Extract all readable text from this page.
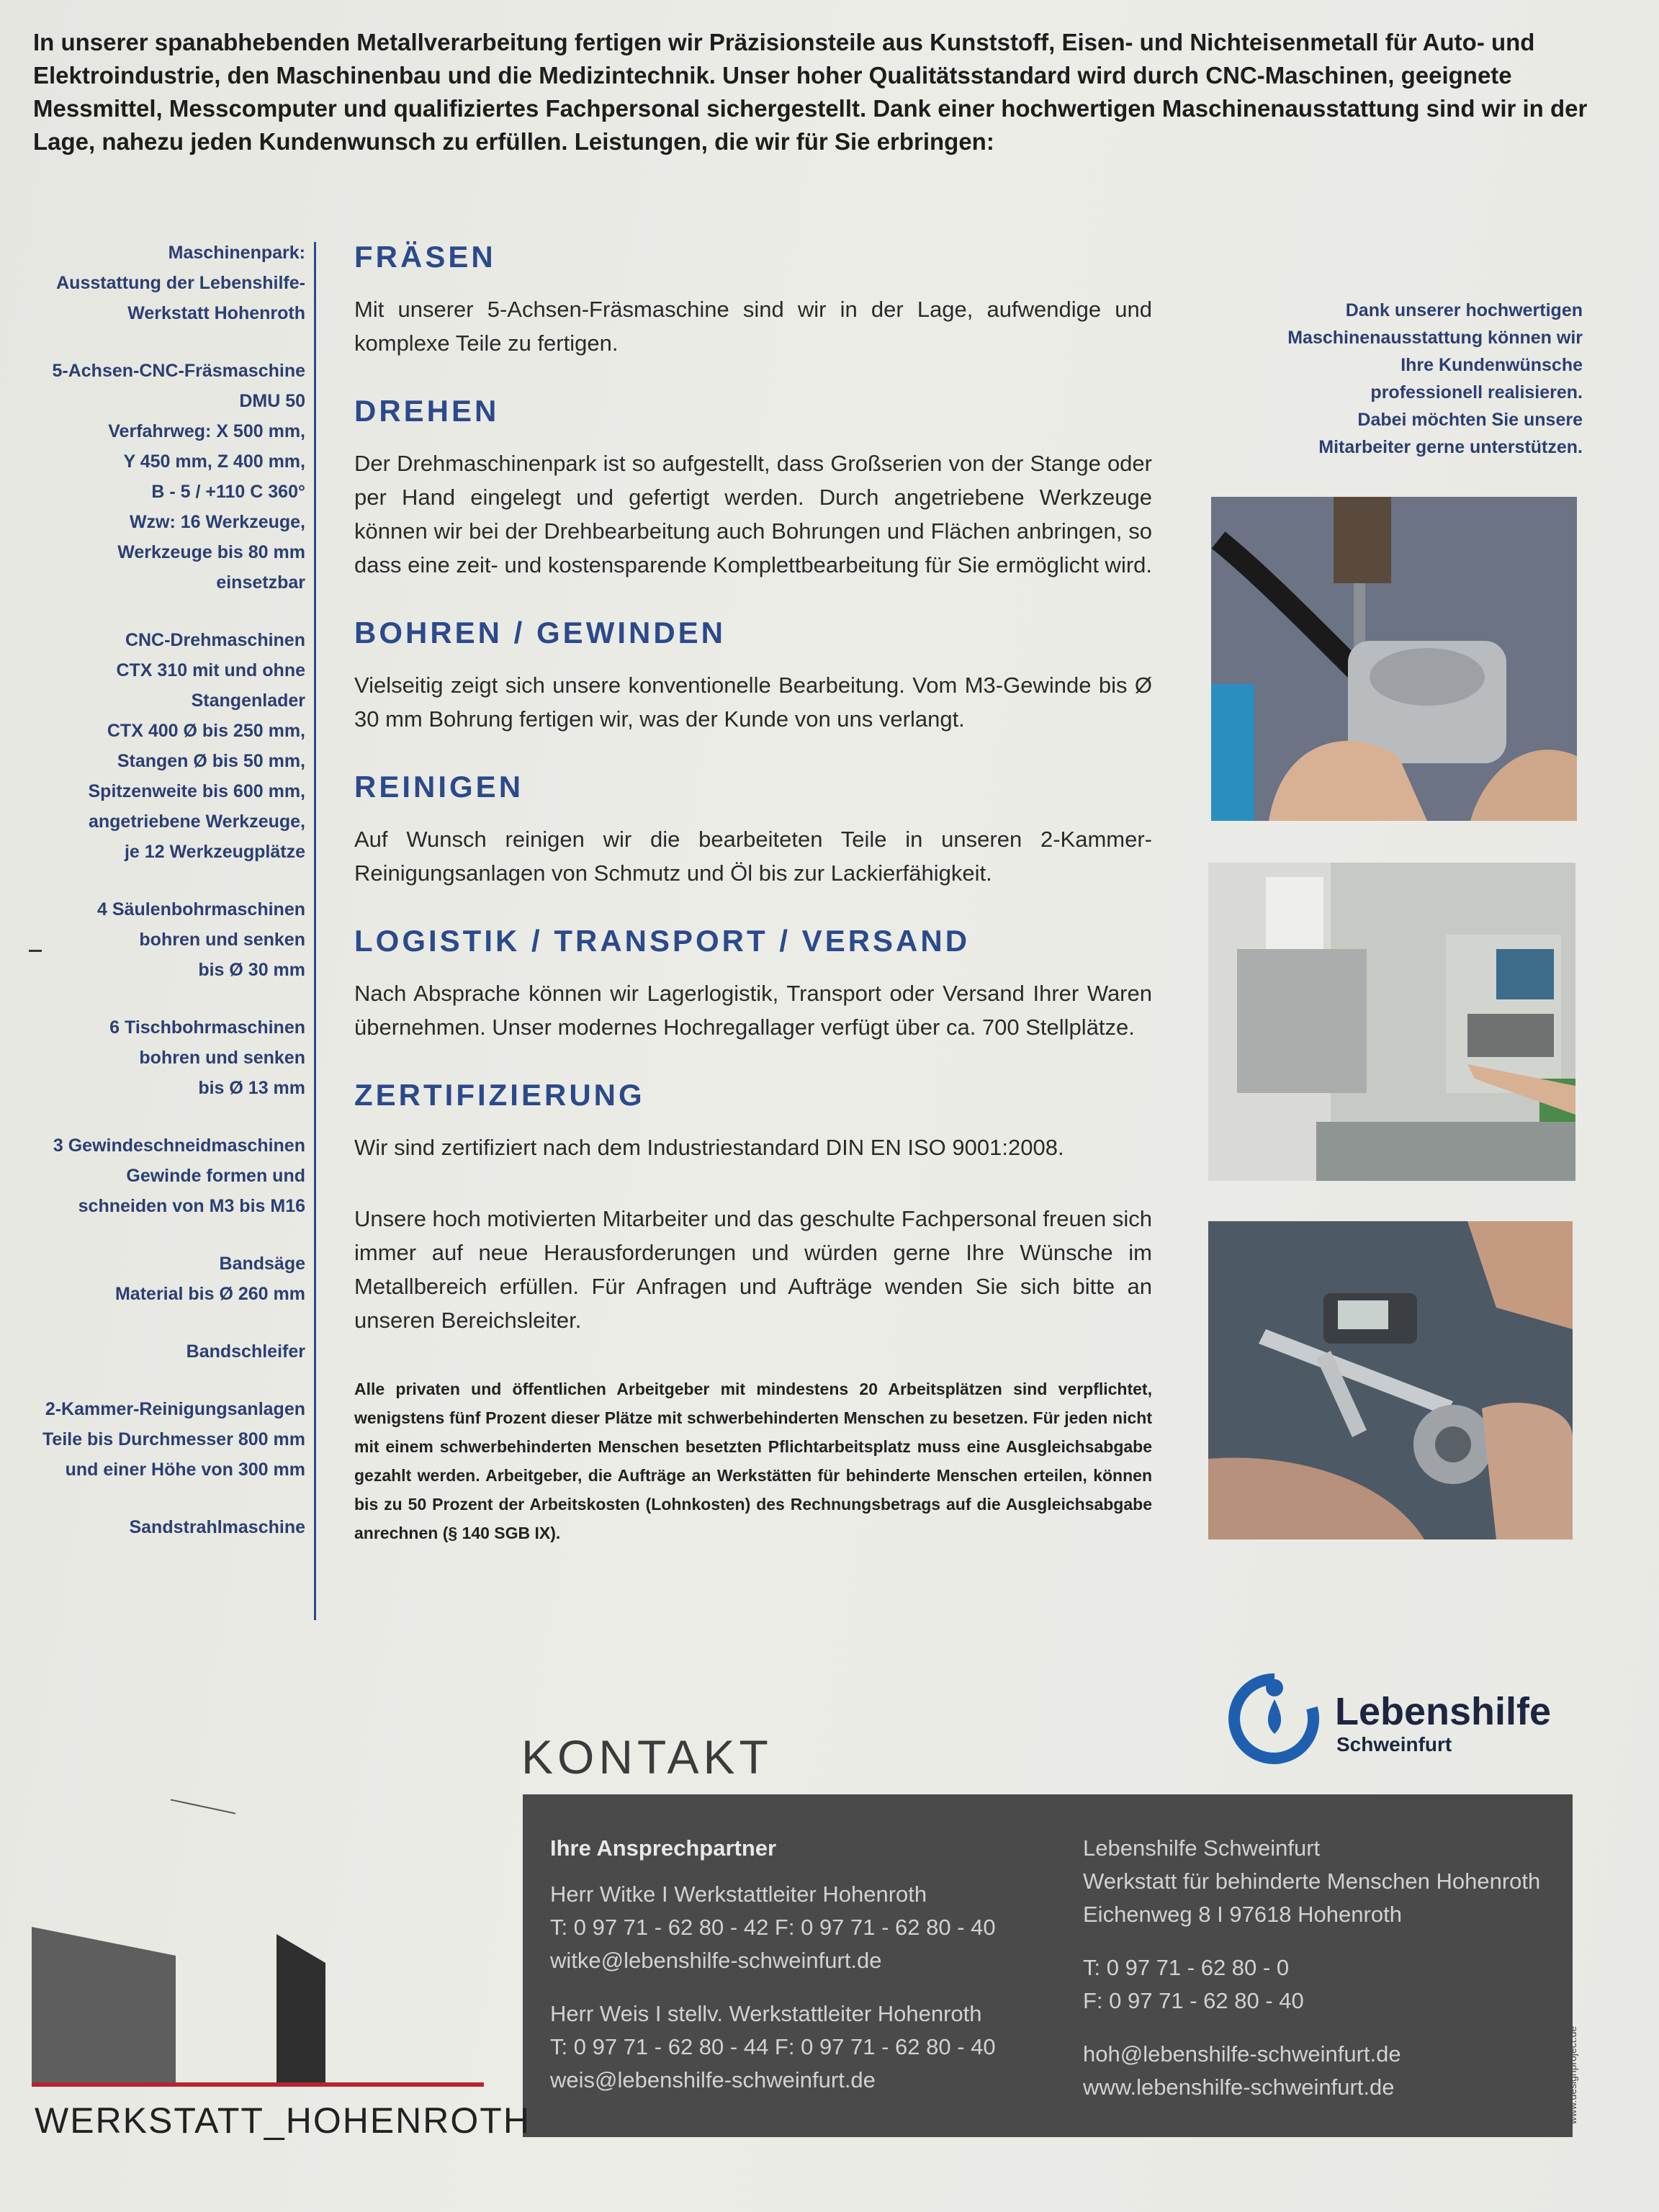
In unserer spanabhebenden Metallverarbeitung fertigen wir Präzisionsteile aus Kunststoff, Eisen- und Nichteisenmetall für Auto- und Elektroindustrie, den Maschinenbau und die Medizintechnik. Unser hoher Qualitätsstandard wird durch CNC-Maschinen, geeignete Messmittel, Messcomputer und qualifiziertes Fachpersonal sichergestellt. Dank einer hochwertigen Maschinenausstattung sind wir in der Lage, nahezu jeden Kundenwunsch zu erfüllen. Leistungen, die wir für Sie erbringen:

Maschinenpark:
Ausstattung der Lebenshilfe-
Werkstatt Hohenroth
5-Achsen-CNC-Fräsmaschine
DMU 50
Verfahrweg: X 500 mm,
Y 450 mm, Z 400 mm,
B - 5 / +110 C 360°
Wzw: 16 Werkzeuge,
Werkzeuge bis 80 mm
einsetzbar
CNC-Drehmaschinen
CTX 310 mit und ohne
Stangenlader
CTX 400 Ø bis 250 mm,
Stangen Ø bis 50 mm,
Spitzenweite bis 600 mm,
angetriebene Werkzeuge,
je 12 Werkzeugplätze
4 Säulenbohrmaschinen
bohren und senken
bis Ø 30 mm
6 Tischbohrmaschinen
bohren und senken
bis Ø 13 mm
3 Gewindeschneidmaschinen
Gewinde formen und
schneiden von M3 bis M16
Bandsäge
Material bis Ø 260 mm
Bandschleifer
2-Kammer-Reinigungsanlagen
Teile bis Durchmesser 800 mm
und einer Höhe von 300 mm
Sandstrahlmaschine
FRÄSEN

Mit unserer 5-Achsen-Fräsmaschine sind wir in der Lage, aufwendige und komplexe Teile zu fertigen.

DREHEN

Der Drehmaschinenpark ist so aufgestellt, dass Großserien von der Stange oder per Hand eingelegt und gefertigt werden. Durch angetriebene Werkzeuge können wir bei der Drehbearbeitung auch Bohrungen und Flächen anbringen, so dass eine zeit- und kostensparende Komplettbearbeitung für Sie ermöglicht wird.

BOHREN / GEWINDEN

Vielseitig zeigt sich unsere konventionelle Bearbeitung. Vom M3-Gewinde bis Ø 30 mm Bohrung fertigen wir, was der Kunde von uns verlangt.

REINIGEN

Auf Wunsch reinigen wir die bearbeiteten Teile in unseren 2-Kammer-Reinigungsanlagen von Schmutz und Öl bis zur Lackierfähigkeit.

LOGISTIK / TRANSPORT / VERSAND

Nach Absprache können wir Lagerlogistik, Transport oder Versand Ihrer Waren übernehmen. Unser modernes Hochregallager verfügt über ca. 700 Stellplätze.

ZERTIFIZIERUNG

Wir sind zertifiziert nach dem Industriestandard DIN EN ISO 9001:2008.

Unsere hoch motivierten Mitarbeiter und das geschulte Fachpersonal freuen sich immer auf neue Herausforderungen und würden gerne Ihre Wünsche im Metallbereich erfüllen. Für Anfragen und Aufträge wenden Sie sich bitte an unseren Bereichsleiter.

Alle privaten und öffentlichen Arbeitgeber mit mindestens 20 Arbeitsplätzen sind verpflichtet, wenigstens fünf Prozent dieser Plätze mit schwerbehinderten Menschen zu besetzen. Für jeden nicht mit einem schwerbehinderten Menschen besetzten Pflichtarbeitsplatz muss eine Ausgleichsabgabe gezahlt werden. Arbeitgeber, die Aufträge an Werkstätten für behinderte Menschen erteilen, können bis zu 50 Prozent der Arbeitskosten (Lohnkosten) des Rechnungsbetrags auf die Ausgleichsabgabe anrechnen (§ 140 SGB IX).

Dank unserer hochwertigen
Maschinenausstattung können wir
Ihre Kundenwünsche
professionell realisieren.
Dabei möchten Sie unsere
Mitarbeiter gerne unterstützen.
Lebenshilfe
Schweinfurt
KONTAKT
Ihre Ansprechpartner
Herr Witke I Werkstattleiter Hohenroth
T: 0 97 71 - 62 80 - 42 F: 0 97 71 - 62 80 - 40
witke@lebenshilfe-schweinfurt.de
Herr Weis I stellv. Werkstattleiter Hohenroth
T: 0 97 71 - 62 80 - 44 F: 0 97 71 - 62 80 - 40
weis@lebenshilfe-schweinfurt.de
Lebenshilfe Schweinfurt
Werkstatt für behinderte Menschen Hohenroth
Eichenweg 8 I 97618 Hohenroth
T: 0 97 71 - 62 80 - 0
F: 0 97 71 - 62 80 - 40
hoh@lebenshilfe-schweinfurt.de
www.lebenshilfe-schweinfurt.de	www.designproject.de
WERKSTATT_HOHENROTH
